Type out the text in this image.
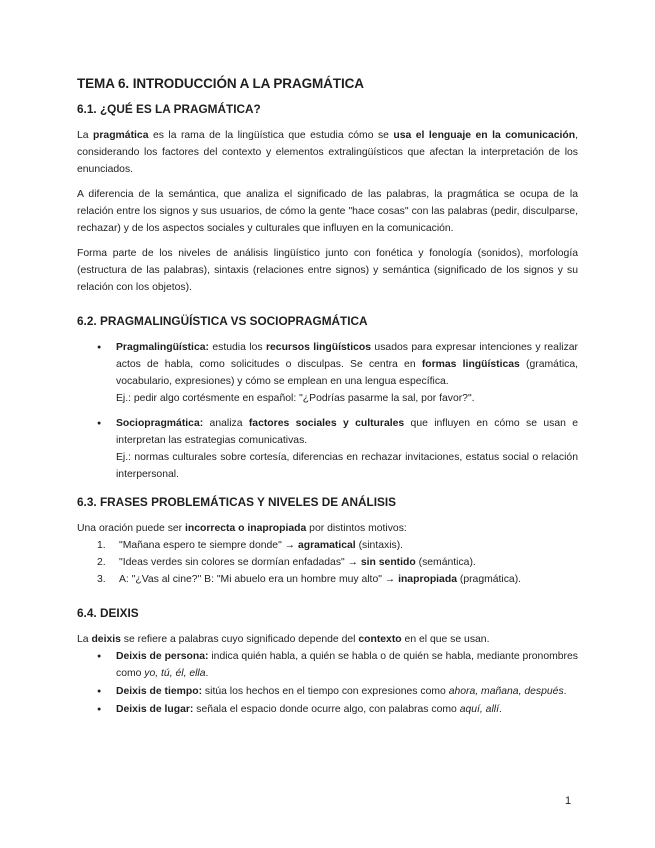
TEMA 6. INTRODUCCIÓN A LA PRAGMÁTICA
6.1. ¿QUÉ ES LA PRAGMÁTICA?

La pragmática es la rama de la lingüística que estudia cómo se usa el lenguaje en la comunicación, considerando los factores del contexto y elementos extralingüísticos que afectan la interpretación de los enunciados.

A diferencia de la semántica, que analiza el significado de las palabras, la pragmática se ocupa de la relación entre los signos y sus usuarios, de cómo la gente "hace cosas" con las palabras (pedir, disculparse, rechazar) y de los aspectos sociales y culturales que influyen en la comunicación.

Forma parte de los niveles de análisis lingüístico junto con fonética y fonología (sonidos), morfología (estructura de las palabras), sintaxis (relaciones entre signos) y semántica (significado de los signos y su relación con los objetos).

6.2. PRAGMALINGÜÍSTICA VS SOCIOPRAGMÁTICA
● Pragmalingüística: estudia los recursos lingüísticos usados para expresar intenciones y realizar actos de habla, como solicitudes o disculpas. Se centra en formas lingüísticas (gramática, vocabulario, expresiones) y cómo se emplean en una lengua específica.
Ej.: pedir algo cortésmente en español: "¿Podrías pasarme la sal, por favor?".
● Sociopragmática: analiza factores sociales y culturales que influyen en cómo se usan e interpretan las estrategias comunicativas.
Ej.: normas culturales sobre cortesía, diferencias en rechazar invitaciones, estatus social o relación interpersonal.
6.3. FRASES PROBLEMÁTICAS Y NIVELES DE ANÁLISIS

Una oración puede ser incorrecta o inapropiada por distintos motivos:

1. "Mañana espero te siempre donde" → agramatical (sintaxis).
2. "Ideas verdes sin colores se dormían enfadadas" → sin sentido (semántica).
3. A: "¿Vas al cine?" B: "Mi abuelo era un hombre muy alto" → inapropiada (pragmática).
6.4. DEIXIS

La deixis se refiere a palabras cuyo significado depende del contexto en el que se usan.

● Deixis de persona: indica quién habla, a quién se habla o de quién se habla, mediante pronombres como yo, tú, él, ella.
● Deixis de tiempo: sitúa los hechos en el tiempo con expresiones como ahora, mañana, después.
● Deixis de lugar: señala el espacio donde ocurre algo, con palabras como aquí, allí.
1
